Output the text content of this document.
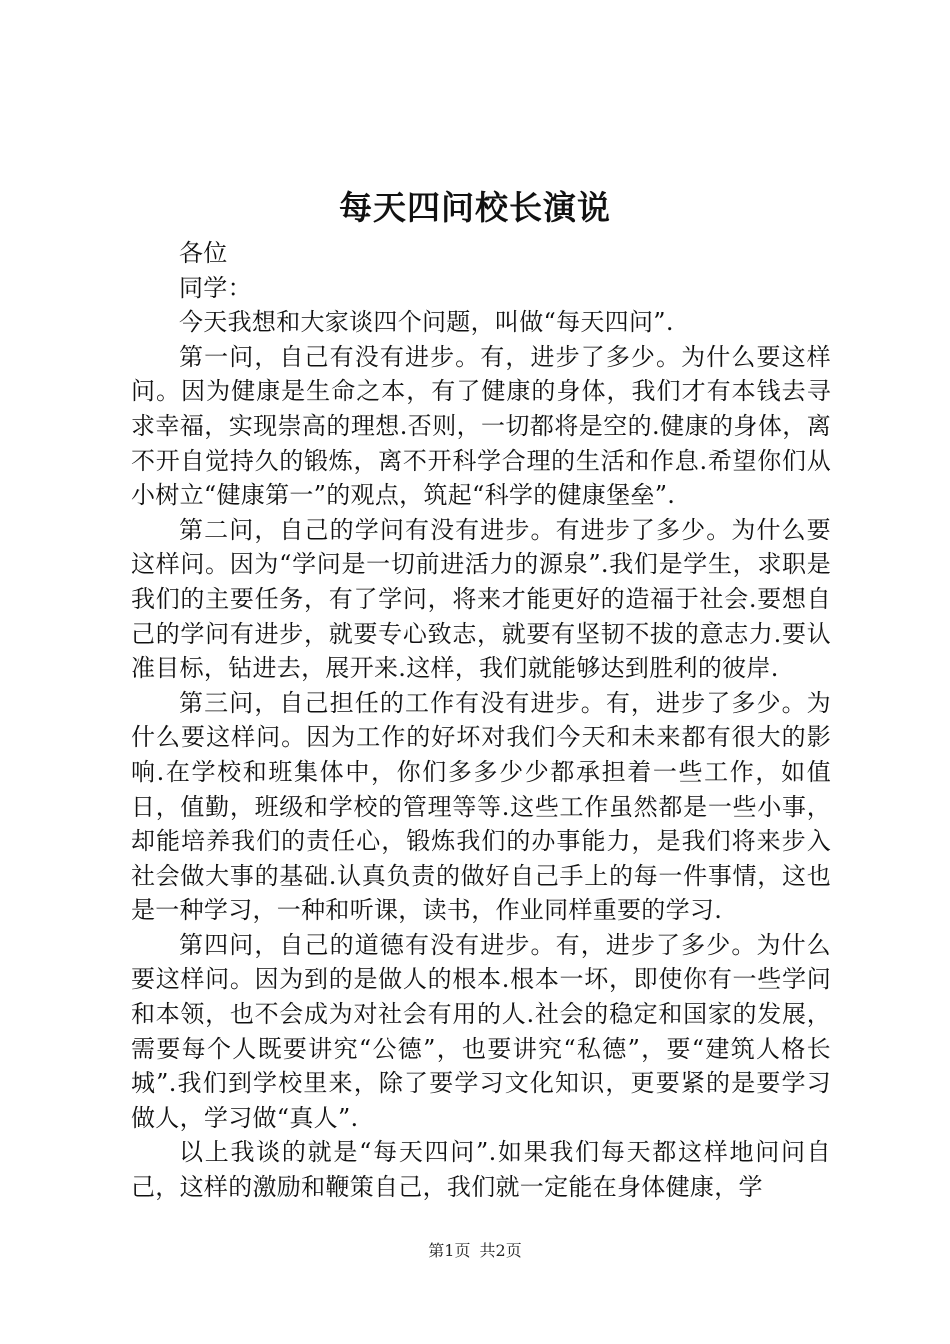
每天四问校长演说

各位

同学：

今天我想和大家谈四个问题，叫做“每天四问”.

第一问，自己有没有进步。有，进步了多少。为什么要这样问。因为健康是生命之本，有了健康的身体，我们才有本钱去寻求幸福，实现崇高的理想.否则，一切都将是空的.健康的身体，离不开自觉持久的锻炼，离不开科学合理的生活和作息.希望你们从小树立“健康第一”的观点，筑起“科学的健康堡垒”.

第二问，自己的学问有没有进步。有进步了多少。为什么要这样问。因为“学问是一切前进活力的源泉”.我们是学生，求职是我们的主要任务，有了学问，将来才能更好的造福于社会.要想自己的学问有进步，就要专心致志，就要有坚韧不拔的意志力.要认准目标，钻进去，展开来.这样，我们就能够达到胜利的彼岸.

第三问，自己担任的工作有没有进步。有，进步了多少。为什么要这样问。因为工作的好坏对我们今天和未来都有很大的影响.在学校和班集体中，你们多多少少都承担着一些工作，如值日，值勤，班级和学校的管理等等.这些工作虽然都是一些小事，却能培养我们的责任心，锻炼我们的办事能力，是我们将来步入社会做大事的基础.认真负责的做好自己手上的每一件事情，这也是一种学习，一种和听课，读书，作业同样重要的学习.

第四问，自己的道德有没有进步。有，进步了多少。为什么要这样问。因为到的是做人的根本.根本一坏，即使你有一些学问和本领，也不会成为对社会有用的人.社会的稳定和国家的发展，需要每个人既要讲究“公德”，也要讲究“私德”，要“建筑人格长城”.我们到学校里来，除了要学习文化知识，更要紧的是要学习做人，学习做“真人”.

以上我谈的就是“每天四问”.如果我们每天都这样地问问自己，这样的激励和鞭策自己，我们就一定能在身体健康，学

第1页 共2页
